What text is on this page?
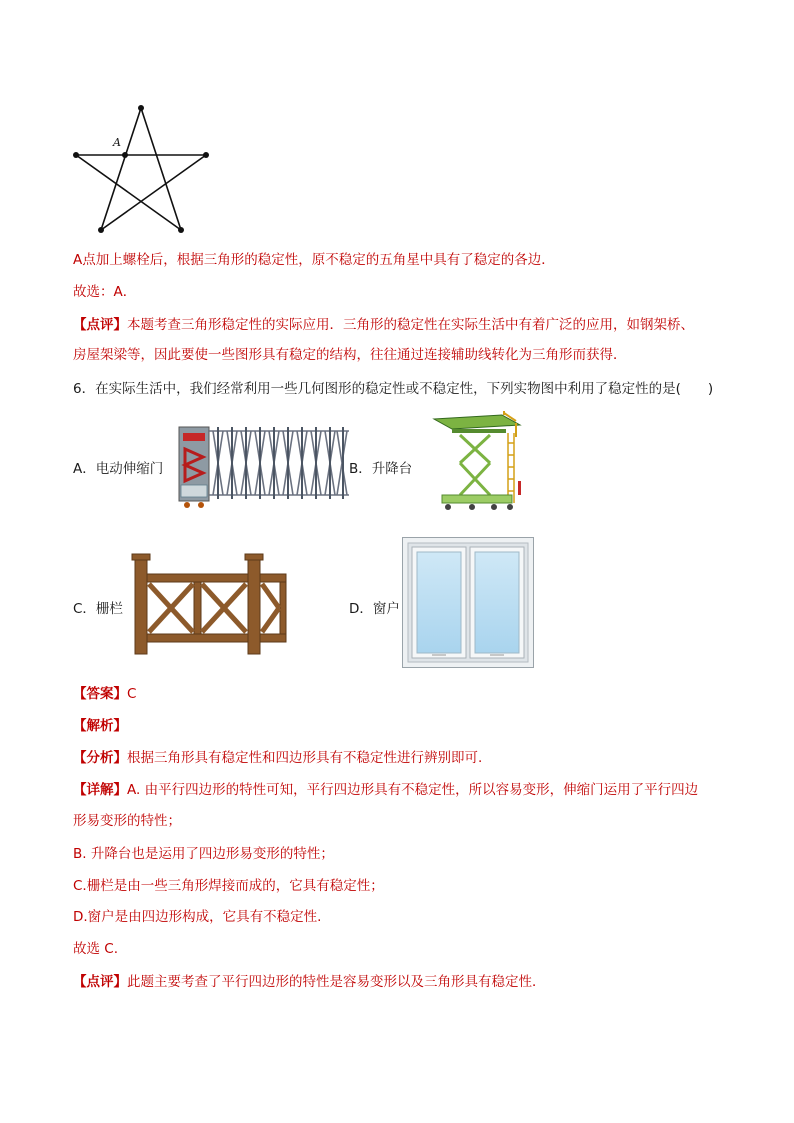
A
A点加上螺栓后，根据三角形的稳定性，原不稳定的五角星中具有了稳定的各边．
故选：A．
【点评】本题考查三角形稳定性的实际应用．三角形的稳定性在实际生活中有着广泛的应用，如钢架桥、
房屋架梁等，因此要使一些图形具有稳定的结构，往往通过连接辅助线转化为三角形而获得．
6．在实际生活中，我们经常利用一些几何图形的稳定性或不稳定性，下列实物图中利用了稳定性的是(　　)
A．电动伸缩门	B．升降台
C．栅栏	D．窗户
【答案】C
【解析】
【分析】根据三角形具有稳定性和四边形具有不稳定性进行辨别即可.
【详解】A. 由平行四边形的特性可知，平行四边形具有不稳定性，所以容易变形，伸缩门运用了平行四边
形易变形的特性；
B. 升降台也是运用了四边形易变形的特性；
C.栅栏是由一些三角形焊接而成的，它具有稳定性；
D.窗户是由四边形构成，它具有不稳定性.
故选 C.
【点评】此题主要考查了平行四边形的特性是容易变形以及三角形具有稳定性．
